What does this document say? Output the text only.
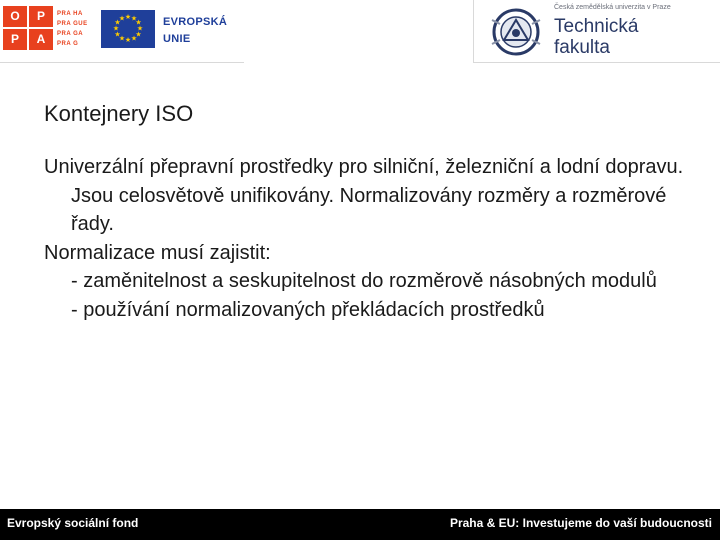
O	P
P	A
PRA HA
PRA GUE
PRA GA
PRA G
★ ★
★
★
★
★
★
★
★
★
★
★	EVROPSKÁ
UNIE
Česká zemědělská univerzita v Praze
Technická
fakulta
Kontejnery ISO

Univerzální přepravní prostředky pro silniční, železniční a lodní dopravu. Jsou celosvětově unifikovány. Normalizovány rozměry a rozměrové řady.

Normalizace musí zajistit:

- zaměnitelnost a seskupitelnost do rozměrově násobných modulů

- používání normalizovaných překládacích prostředků

Evropský sociální fond	Praha & EU: Investujeme do vaší budoucnosti
